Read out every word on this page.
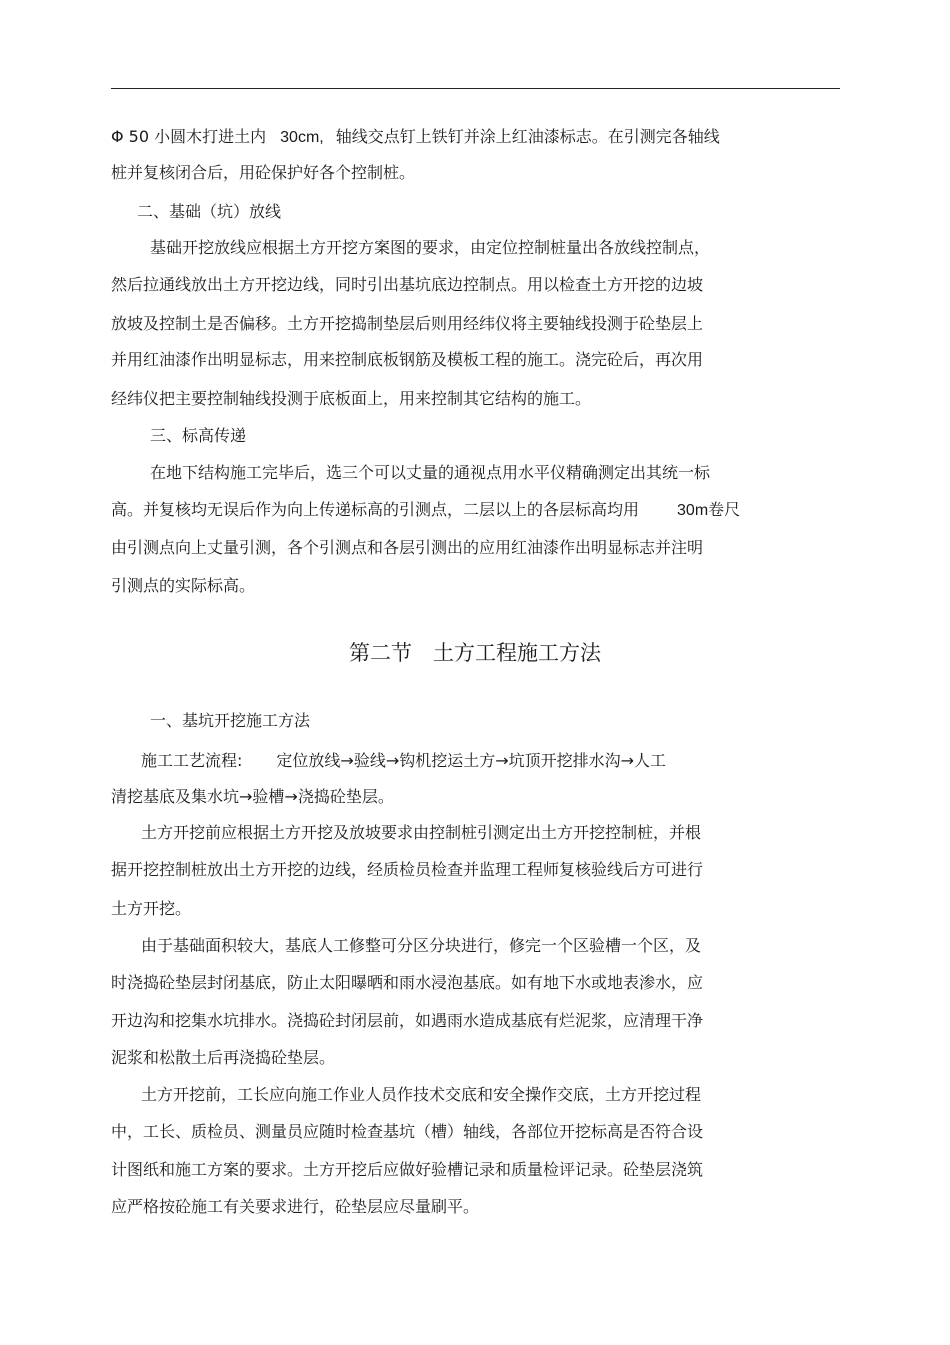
Φ 50 小圆木打进土内 30cm, 轴线交点钉上铁钉并涂上红油漆标志。在引测完各轴线
桩并复核闭合后，用砼保护好各个控制桩。
二、基础（坑）放线
基础开挖放线应根据土方开挖方案图的要求，由定位控制桩量出各放线控制点，
然后拉通线放出土方开挖边线，同时引出基坑底边控制点。用以检查土方开挖的边坡
放坡及控制土是否偏移。土方开挖捣制垫层后则用经纬仪将主要轴线投测于砼垫层上
并用红油漆作出明显标志，用来控制底板钢筋及模板工程的施工。浇完砼后，再次用
经纬仪把主要控制轴线投测于底板面上，用来控制其它结构的施工。
三、标高传递
在地下结构施工完毕后，选三个可以丈量的通视点用水平仪精确测定出其统一标
高。并复核均无误后作为向上传递标高的引测点，二层以上的各层标高均用 30m卷尺
由引测点向上丈量引测，各个引测点和各层引测出的应用红油漆作出明显标志并注明
引测点的实际标高。
第二节　土方工程施工方法
一、基坑开挖施工方法
施工工艺流程: 定位放线→验线→钩机挖运土方→坑顶开挖排水沟→人工
清挖基底及集水坑→验槽→浇捣砼垫层。
土方开挖前应根据土方开挖及放坡要求由控制桩引测定出土方开挖控制桩，并根
据开挖控制桩放出土方开挖的边线，经质检员检查并监理工程师复核验线后方可进行
土方开挖。
由于基础面积较大，基底人工修整可分区分块进行，修完一个区验槽一个区，及
时浇捣砼垫层封闭基底，防止太阳曝晒和雨水浸泡基底。如有地下水或地表渗水，应
开边沟和挖集水坑排水。浇捣砼封闭层前，如遇雨水造成基底有烂泥浆，应清理干净
泥浆和松散土后再浇捣砼垫层。
土方开挖前，工长应向施工作业人员作技术交底和安全操作交底，土方开挖过程
中，工长、质检员、测量员应随时检查基坑（槽）轴线，各部位开挖标高是否符合设
计图纸和施工方案的要求。土方开挖后应做好验槽记录和质量检评记录。砼垫层浇筑
应严格按砼施工有关要求进行，砼垫层应尽量刷平。
